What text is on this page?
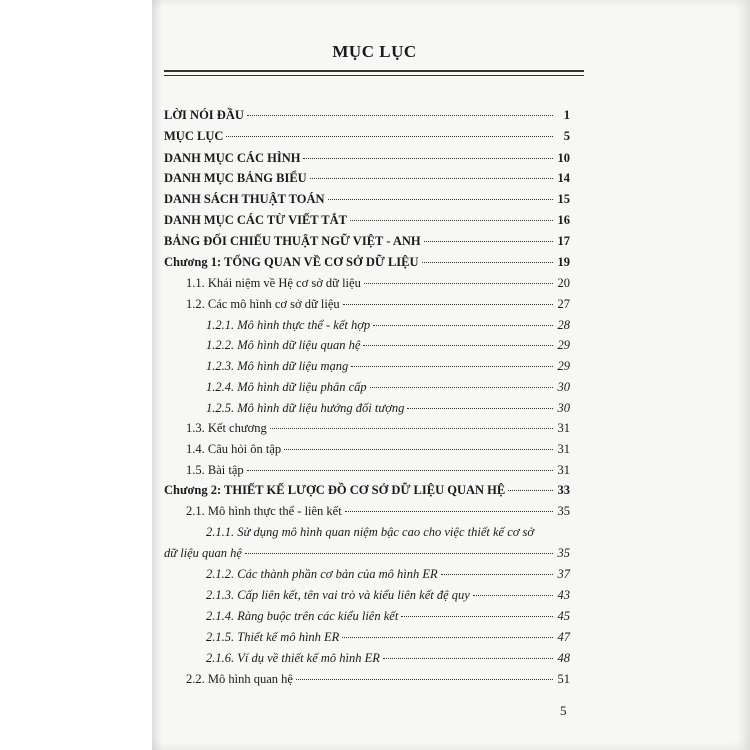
MỤC LỤC
LỜI NÓI ĐẦU	1
MỤC LỤC	5
DANH MỤC CÁC HÌNH	10
DANH MỤC BẢNG BIỂU	14
DANH SÁCH THUẬT TOÁN	15
DANH MỤC CÁC TỪ VIẾT TẮT	16
BẢNG ĐỐI CHIẾU THUẬT NGỮ VIỆT - ANH	17
Chương 1: TỔNG QUAN VỀ CƠ SỞ DỮ LIỆU	19
1.1. Khái niệm về Hệ cơ sở dữ liệu	20
1.2. Các mô hình cơ sở dữ liệu	27
1.2.1. Mô hình thực thể - kết hợp	28
1.2.2. Mô hình dữ liệu quan hệ	29
1.2.3. Mô hình dữ liệu mạng	29
1.2.4. Mô hình dữ liệu phân cấp	30
1.2.5. Mô hình dữ liệu hướng đối tượng	30
1.3. Kết chương	31
1.4. Câu hỏi ôn tập	31
1.5. Bài tập	31
Chương 2: THIẾT KẾ LƯỢC ĐỒ CƠ SỞ DỮ LIỆU QUAN HỆ	33
2.1. Mô hình thực thể - liên kết	35
2.1.1. Sử dụng mô hình quan niệm bậc cao cho việc thiết kế cơ sở
dữ liệu quan hệ	35
2.1.2. Các thành phần cơ bản của mô hình ER	37
2.1.3. Cấp liên kết, tên vai trò và kiểu liên kết đệ quy	43
2.1.4. Ràng buộc trên các kiểu liên kết	45
2.1.5. Thiết kế mô hình ER	47
2.1.6. Ví dụ về thiết kế mô hình ER	48
2.2. Mô hình quan hệ	51
5
